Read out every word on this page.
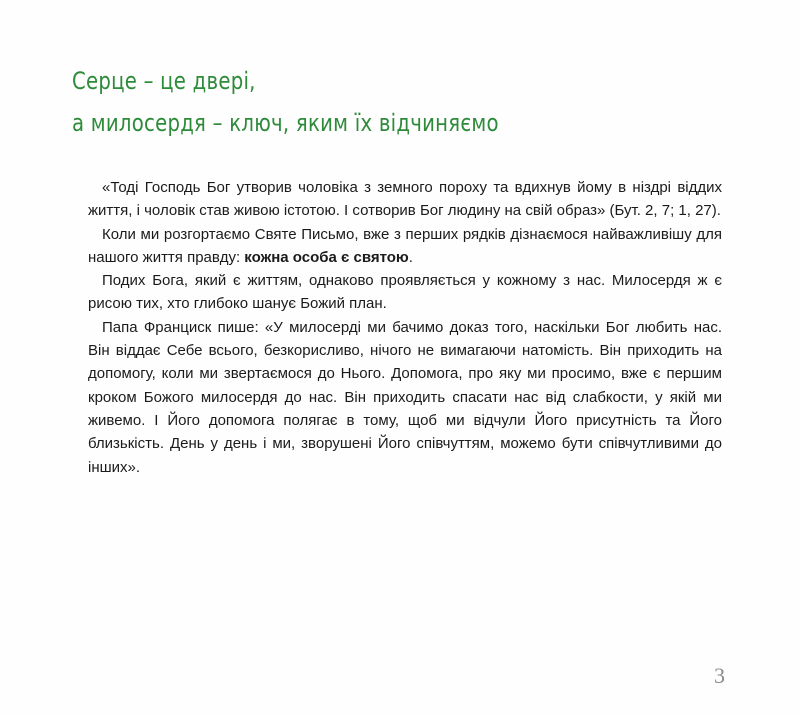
Серце – це двері,
а милосердя – ключ, яким їх відчиняємо

«Тоді Господь Бог утворив чоловіка з земного пороху та вдихнув йому в ніздрі віддих життя, і чоловік став живою істотою. І сотворив Бог людину на свій образ» (Бут. 2, 7; 1, 27).

Коли ми розгортаємо Святе Письмо, вже з перших рядків дізнаємося найважливішу для нашого життя правду: кожна особа є святою.

Подих Бога, який є життям, однаково проявляється у кожному з нас. Милосердя ж є рисою тих, хто глибоко шанує Божий план.

Папа Франциск пише: «У милосерді ми бачимо доказ того, наскільки Бог любить нас. Він віддає Себе всього, безкорисливо, нічого не вимагаючи натомість. Він приходить на допомогу, коли ми звертаємося до Нього. Допомога, про яку ми просимо, вже є першим кроком Божого милосердя до нас. Він приходить спасати нас від слабкости, у якій ми живемо. І Його допомога полягає в тому, щоб ми відчули Його присутність та Його близькість. День у день і ми, зворушені Його співчуттям, можемо бути співчутливими до інших».

3
